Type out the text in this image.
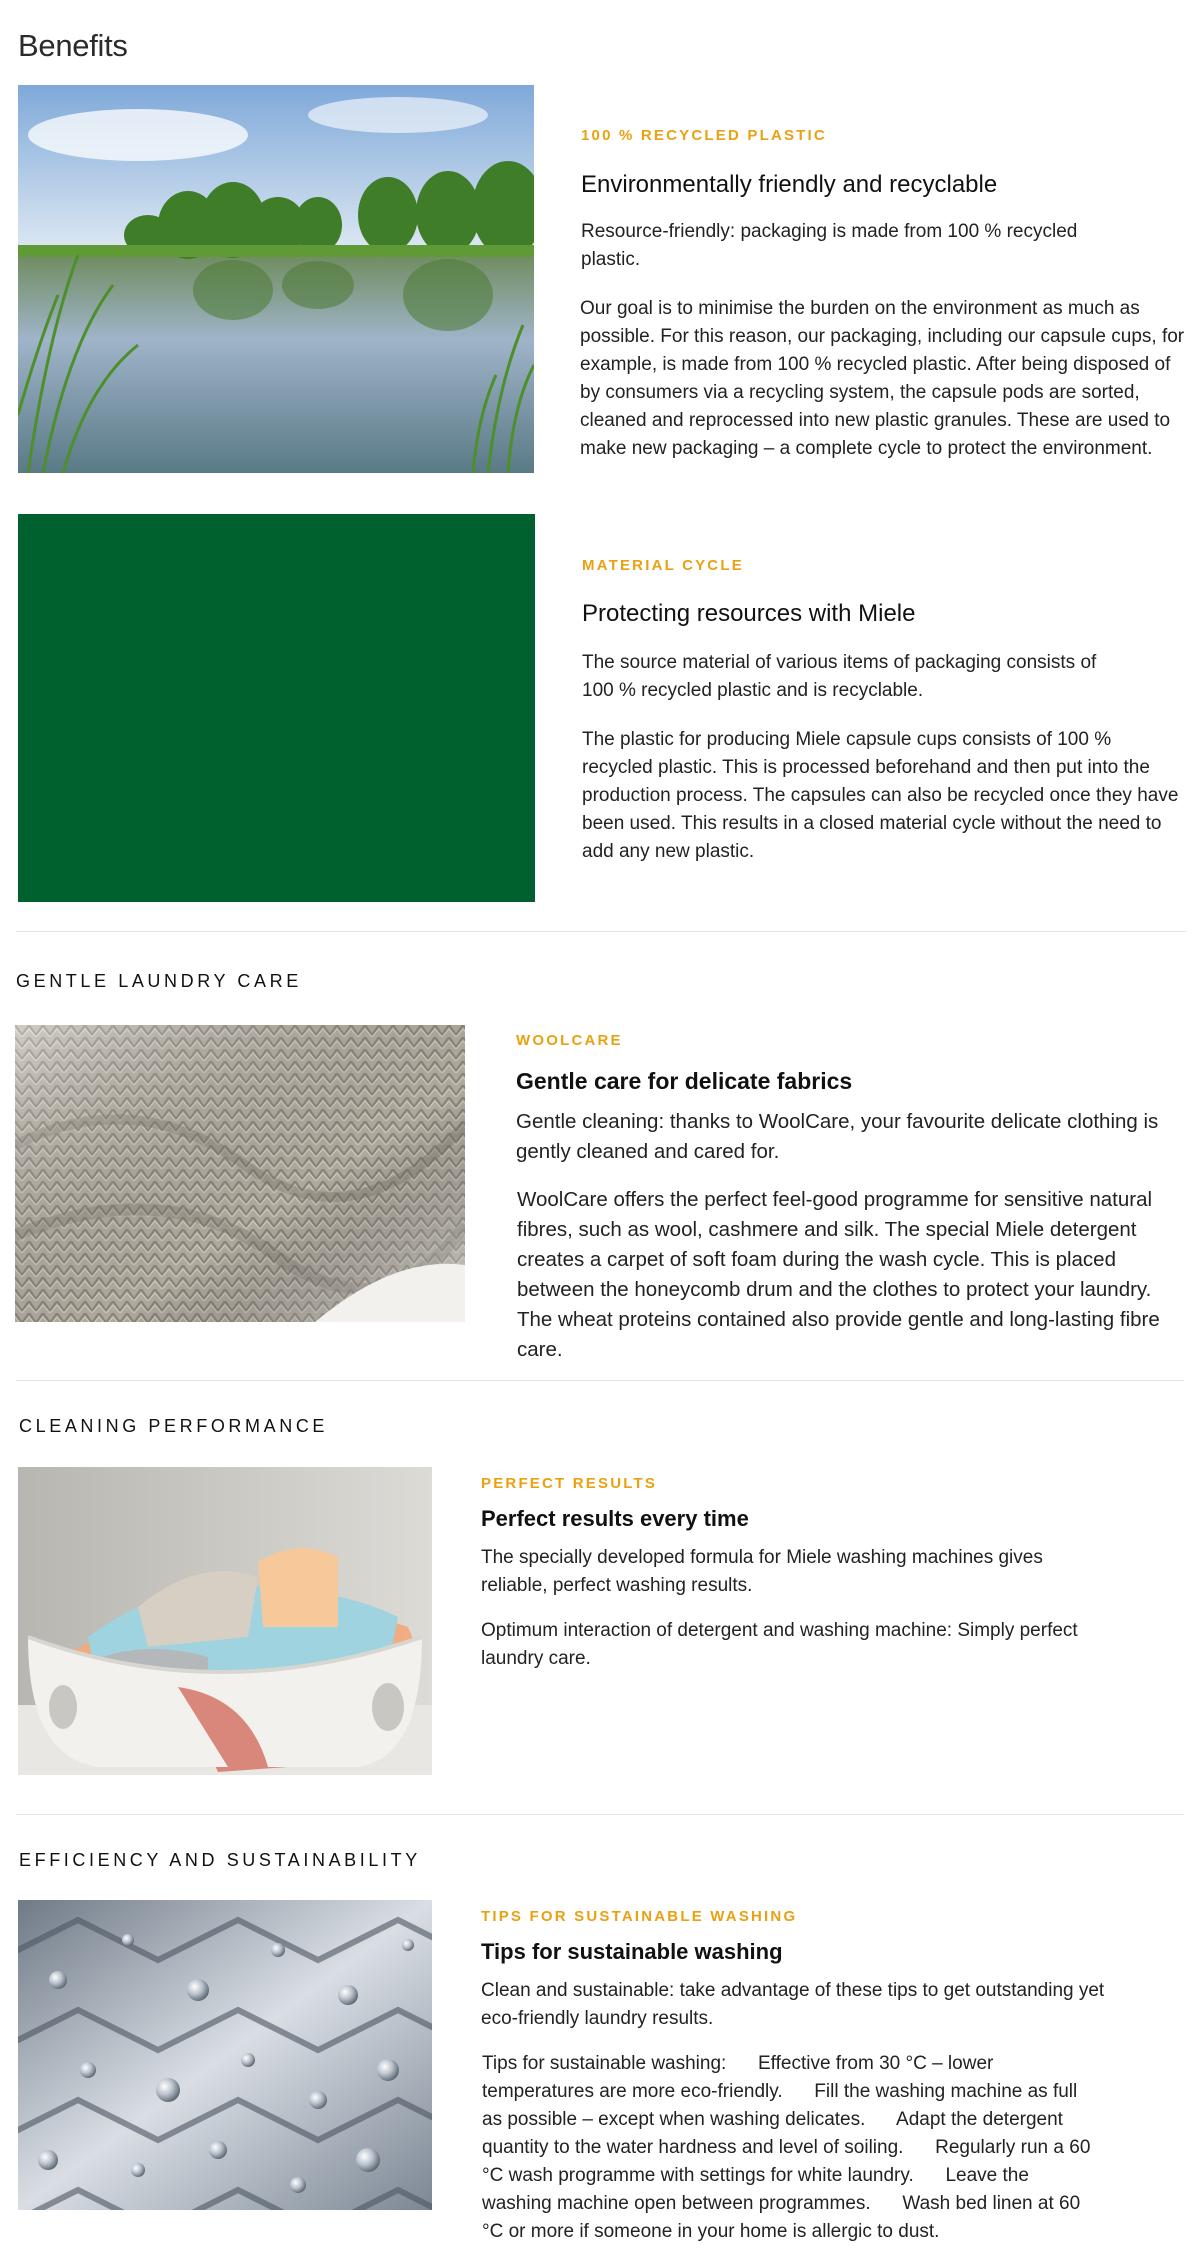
Benefits
100 % RECYCLED PLASTIC
Environmentally friendly and recyclable

Resource-friendly: packaging is made from 100 % recycled plastic.

Our goal is to minimise the burden on the environment as much as possible. For this reason, our packaging, including our capsule cups, for example, is made from 100 % recycled plastic. After being disposed of by consumers via a recycling system, the capsule pods are sorted, cleaned and reprocessed into new plastic granules. These are used to make new packaging – a complete cycle to protect the environment.

MATERIAL CYCLE
Protecting resources with Miele

The source material of various items of packaging consists of 100 % recycled plastic and is recyclable.

The plastic for producing Miele capsule cups consists of 100 % recycled plastic. This is processed beforehand and then put into the production process. The capsules can also be recycled once they have been used. This results in a closed material cycle without the need to add any new plastic.

GENTLE LAUNDRY CARE
WOOLCARE
Gentle care for delicate fabrics

Gentle cleaning: thanks to WoolCare, your favourite delicate clothing is gently cleaned and cared for.

WoolCare offers the perfect feel-good programme for sensitive natural fibres, such as wool, cashmere and silk. The special Miele detergent creates a carpet of soft foam during the wash cycle. This is placed between the honeycomb drum and the clothes to protect your laundry. The wheat proteins contained also provide gentle and long-lasting fibre care.

CLEANING PERFORMANCE
PERFECT RESULTS
Perfect results every time

The specially developed formula for Miele washing machines gives reliable, perfect washing results.

Optimum interaction of detergent and washing machine: Simply perfect laundry care.

EFFICIENCY AND SUSTAINABILITY
TIPS FOR SUSTAINABLE WASHING
Tips for sustainable washing

Clean and sustainable: take advantage of these tips to get outstanding yet eco-friendly laundry results.

Tips for sustainable washing: Effective from 30 °C – lower temperatures are more eco-friendly. Fill the washing machine as full as possible – except when washing delicates. Adapt the detergent quantity to the water hardness and level of soiling. Regularly run a 60 °C wash programme with settings for white laundry. Leave the washing machine open between programmes. Wash bed linen at 60 °C or more if someone in your home is allergic to dust.
